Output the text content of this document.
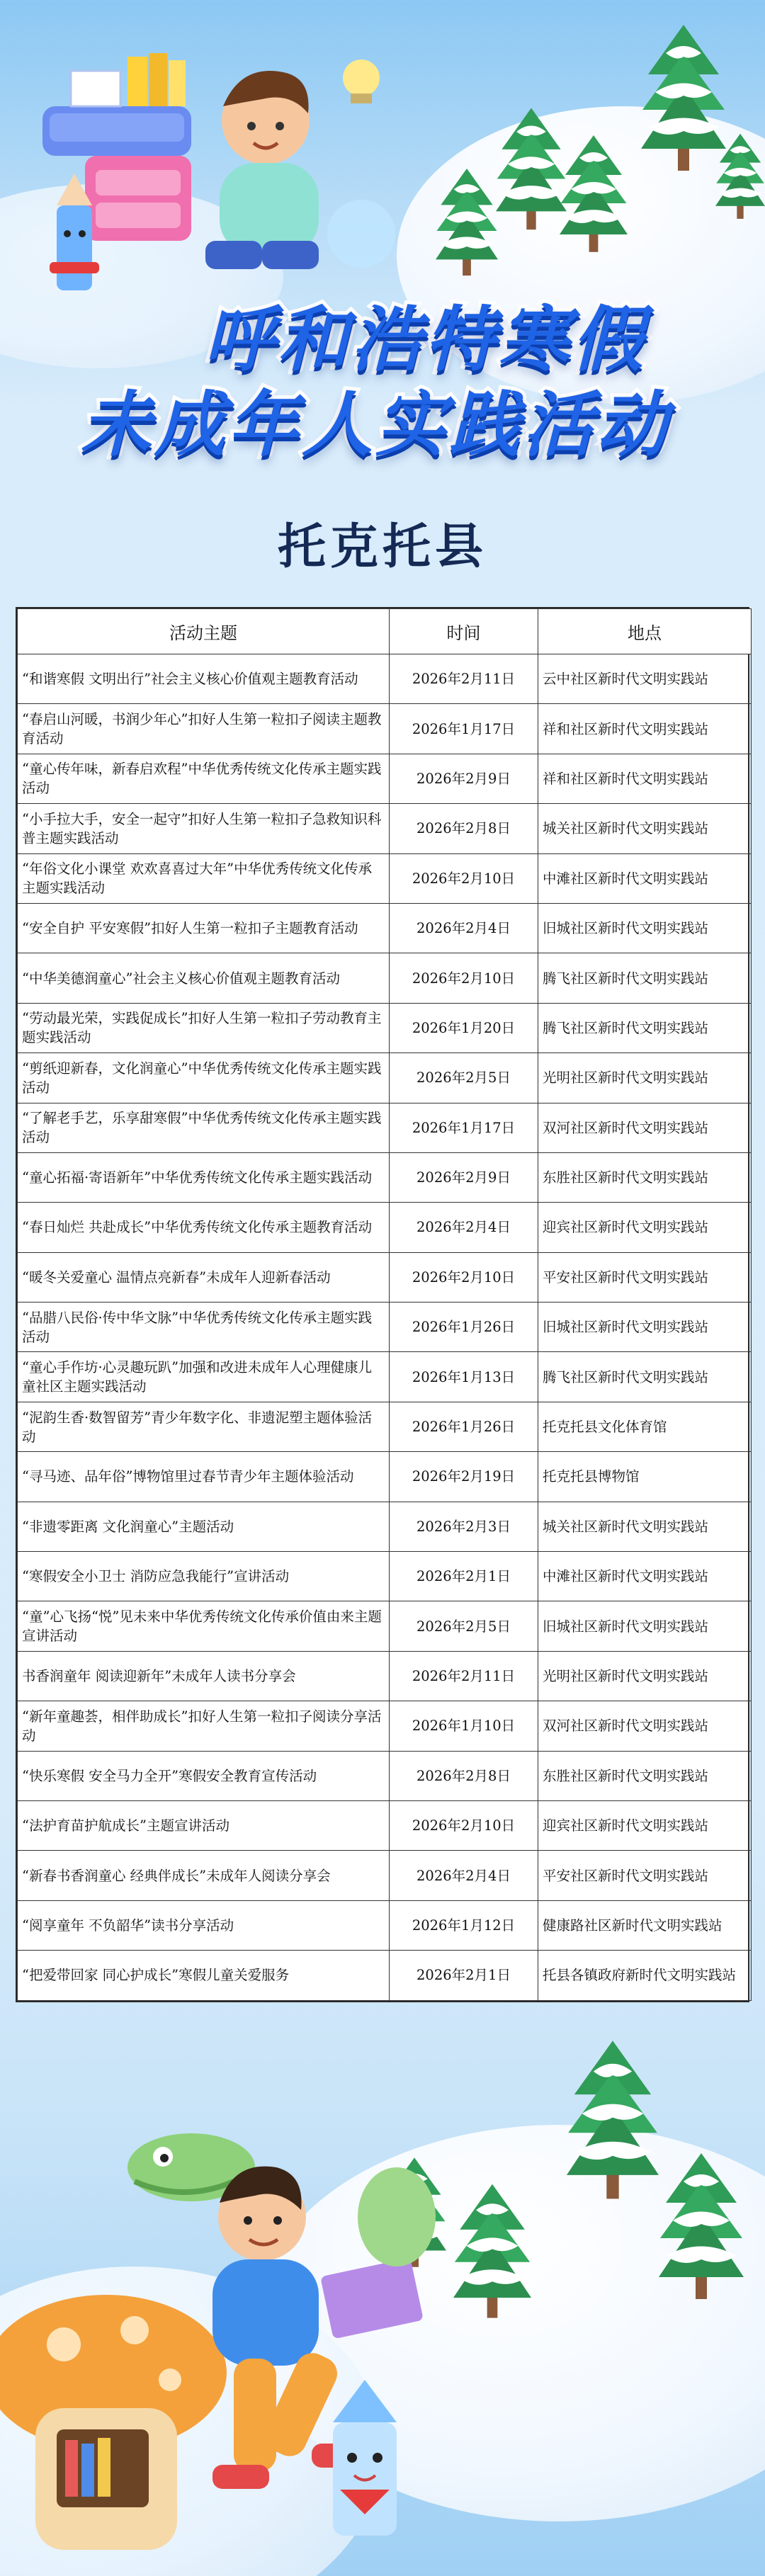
呼和浩特寒假
未成年人实践活动
托克托县
活动主题	时间	地点
“和谐寒假 文明出行”社会主义核心价值观主题教育活动	2026年2月11日	云中社区新时代文明实践站
“春启山河暖，书润少年心”扣好人生第一粒扣子阅读主题教育活动	2026年1月17日	祥和社区新时代文明实践站
“童心传年味，新春启欢程”中华优秀传统文化传承主题实践活动	2026年2月9日	祥和社区新时代文明实践站
“小手拉大手，安全一起守”扣好人生第一粒扣子急救知识科普主题实践活动	2026年2月8日	城关社区新时代文明实践站
“年俗文化小课堂 欢欢喜喜过大年”中华优秀传统文化传承主题实践活动	2026年2月10日	中滩社区新时代文明实践站
“安全自护 平安寒假”扣好人生第一粒扣子主题教育活动	2026年2月4日	旧城社区新时代文明实践站
“中华美德润童心”社会主义核心价值观主题教育活动	2026年2月10日	腾飞社区新时代文明实践站
“劳动最光荣，实践促成长”扣好人生第一粒扣子劳动教育主题实践活动	2026年1月20日	腾飞社区新时代文明实践站
“剪纸迎新春，文化润童心”中华优秀传统文化传承主题实践活动	2026年2月5日	光明社区新时代文明实践站
“了解老手艺，乐享甜寒假”中华优秀传统文化传承主题实践活动	2026年1月17日	双河社区新时代文明实践站
“童心拓福·寄语新年”中华优秀传统文化传承主题实践活动	2026年2月9日	东胜社区新时代文明实践站
“春日灿烂 共赴成长”中华优秀传统文化传承主题教育活动	2026年2月4日	迎宾社区新时代文明实践站
“暖冬关爱童心 温情点亮新春”未成年人迎新春活动	2026年2月10日	平安社区新时代文明实践站
“品腊八民俗·传中华文脉”中华优秀传统文化传承主题实践活动	2026年1月26日	旧城社区新时代文明实践站
“童心手作坊·心灵趣玩趴”加强和改进未成年人心理健康儿童社区主题实践活动	2026年1月13日	腾飞社区新时代文明实践站
“泥韵生香·数智留芳”青少年数字化、非遗泥塑主题体验活动	2026年1月26日	托克托县文化体育馆
“寻马迹、品年俗”博物馆里过春节青少年主题体验活动	2026年2月19日	托克托县博物馆
“非遗零距离 文化润童心”主题活动	2026年2月3日	城关社区新时代文明实践站
“寒假安全小卫士 消防应急我能行”宣讲活动	2026年2月1日	中滩社区新时代文明实践站
“童”心飞扬“悦”见未来中华优秀传统文化传承价值由来主题宣讲活动	2026年2月5日	旧城社区新时代文明实践站
书香润童年 阅读迎新年”未成年人读书分享会	2026年2月11日	光明社区新时代文明实践站
“新年童趣荟，相伴助成长”扣好人生第一粒扣子阅读分享活动	2026年1月10日	双河社区新时代文明实践站
“快乐寒假 安全马力全开”寒假安全教育宣传活动	2026年2月8日	东胜社区新时代文明实践站
“法护育苗护航成长”主题宣讲活动	2026年2月10日	迎宾社区新时代文明实践站
“新春书香润童心 经典伴成长”未成年人阅读分享会	2026年2月4日	平安社区新时代文明实践站
“阅享童年 不负韶华”读书分享活动	2026年1月12日	健康路社区新时代文明实践站
“把爱带回家 同心护成长”寒假儿童关爱服务	2026年2月1日	托县各镇政府新时代文明实践站
